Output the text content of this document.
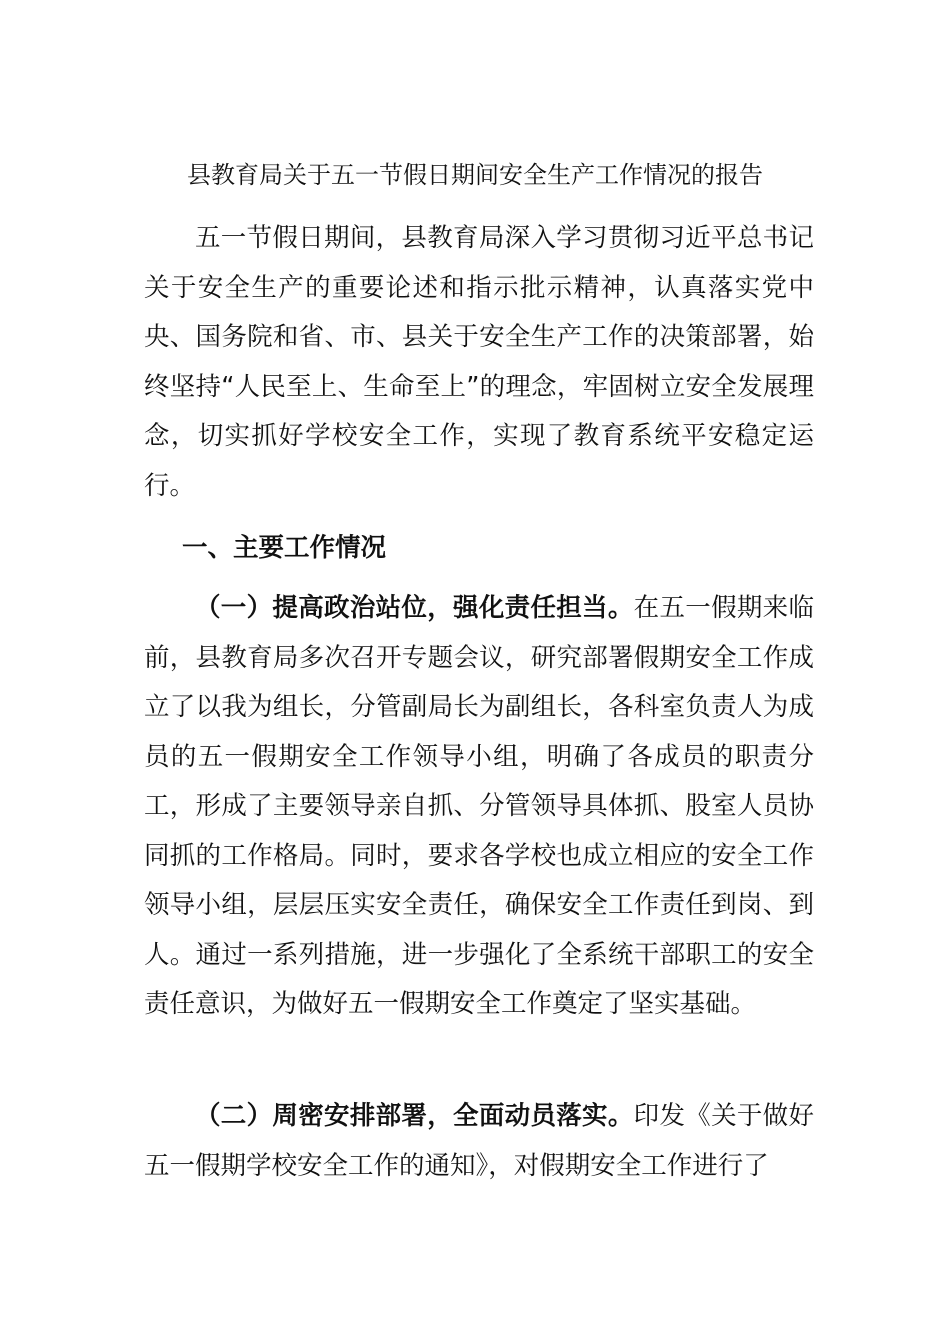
县教育局关于五一节假日期间安全生产工作情况的报告

五一节假日期间，县教育局深入学习贯彻习近平总书记关于安全生产的重要论述和指示批示精神，认真落实党中央、国务院和省、市、县关于安全生产工作的决策部署，始终坚持“人民至上、生命至上”的理念，牢固树立安全发展理念，切实抓好学校安全工作，实现了教育系统平安稳定运行。

一、主要工作情况

（一）提高政治站位，强化责任担当。在五一假期来临前，县教育局多次召开专题会议，研究部署假期安全工作成立了以我为组长，分管副局长为副组长，各科室负责人为成员的五一假期安全工作领导小组，明确了各成员的职责分工，形成了主要领导亲自抓、分管领导具体抓、股室人员协同抓的工作格局。同时，要求各学校也成立相应的安全工作领导小组，层层压实安全责任，确保安全工作责任到岗、到人。通过一系列措施，进一步强化了全系统干部职工的安全责任意识，为做好五一假期安全工作奠定了坚实基础。

（二）周密安排部署，全面动员落实。印发《关于做好五一假期学校安全工作的通知》，对假期安全工作进行了
